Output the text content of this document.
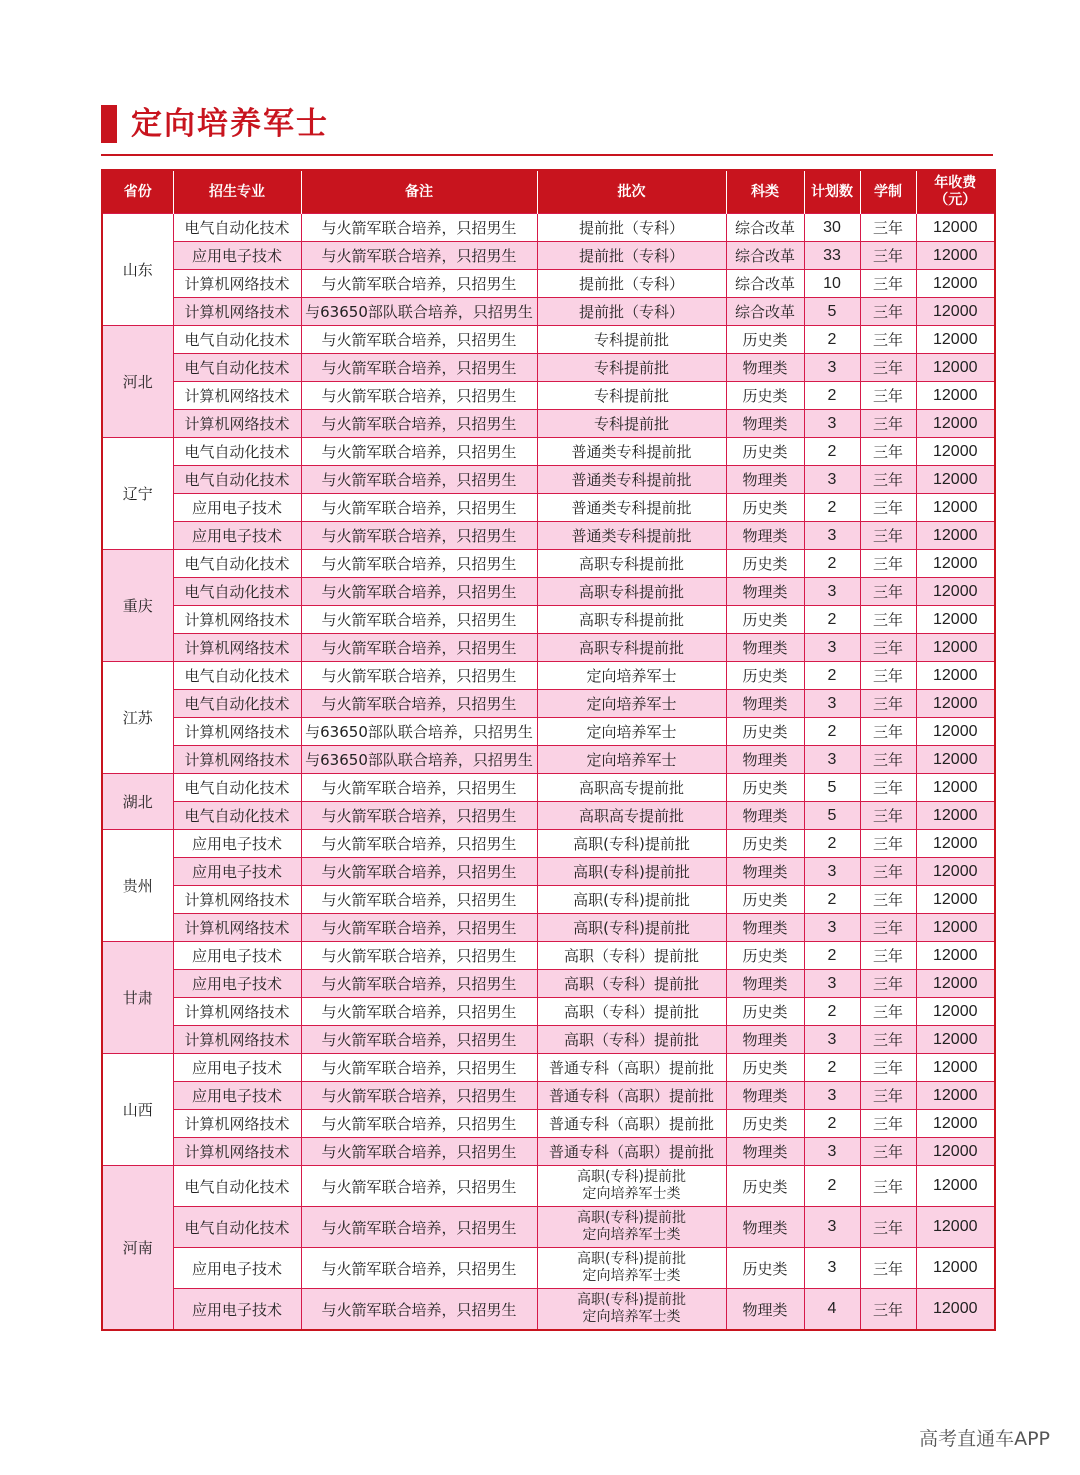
定向培养军士
省份	招生专业	备注	批次	科类	计划数	学制	年收费
（元）
山东	电气自动化技术	与火箭军联合培养，只招男生	提前批（专科）	综合改革	30	三年	12000
	应用电子技术	与火箭军联合培养，只招男生	提前批（专科）	综合改革	33	三年	12000
	计算机网络技术	与火箭军联合培养，只招男生	提前批（专科）	综合改革	10	三年	12000
	计算机网络技术	与63650部队联合培养，只招男生	提前批（专科）	综合改革	5	三年	12000
河北	电气自动化技术	与火箭军联合培养，只招男生	专科提前批	历史类	2	三年	12000
	电气自动化技术	与火箭军联合培养，只招男生	专科提前批	物理类	3	三年	12000
	计算机网络技术	与火箭军联合培养，只招男生	专科提前批	历史类	2	三年	12000
	计算机网络技术	与火箭军联合培养，只招男生	专科提前批	物理类	3	三年	12000
辽宁	电气自动化技术	与火箭军联合培养，只招男生	普通类专科提前批	历史类	2	三年	12000
	电气自动化技术	与火箭军联合培养，只招男生	普通类专科提前批	物理类	3	三年	12000
	应用电子技术	与火箭军联合培养，只招男生	普通类专科提前批	历史类	2	三年	12000
	应用电子技术	与火箭军联合培养，只招男生	普通类专科提前批	物理类	3	三年	12000
重庆	电气自动化技术	与火箭军联合培养，只招男生	高职专科提前批	历史类	2	三年	12000
	电气自动化技术	与火箭军联合培养，只招男生	高职专科提前批	物理类	3	三年	12000
	计算机网络技术	与火箭军联合培养，只招男生	高职专科提前批	历史类	2	三年	12000
	计算机网络技术	与火箭军联合培养，只招男生	高职专科提前批	物理类	3	三年	12000
江苏	电气自动化技术	与火箭军联合培养，只招男生	定向培养军士	历史类	2	三年	12000
	电气自动化技术	与火箭军联合培养，只招男生	定向培养军士	物理类	3	三年	12000
	计算机网络技术	与63650部队联合培养，只招男生	定向培养军士	历史类	2	三年	12000
	计算机网络技术	与63650部队联合培养，只招男生	定向培养军士	物理类	3	三年	12000
湖北	电气自动化技术	与火箭军联合培养，只招男生	高职高专提前批	历史类	5	三年	12000
	电气自动化技术	与火箭军联合培养，只招男生	高职高专提前批	物理类	5	三年	12000
贵州	应用电子技术	与火箭军联合培养，只招男生	高职(专科)提前批	历史类	2	三年	12000
	应用电子技术	与火箭军联合培养，只招男生	高职(专科)提前批	物理类	3	三年	12000
	计算机网络技术	与火箭军联合培养，只招男生	高职(专科)提前批	历史类	2	三年	12000
	计算机网络技术	与火箭军联合培养，只招男生	高职(专科)提前批	物理类	3	三年	12000
甘肃	应用电子技术	与火箭军联合培养，只招男生	高职（专科）提前批	历史类	2	三年	12000
	应用电子技术	与火箭军联合培养，只招男生	高职（专科）提前批	物理类	3	三年	12000
	计算机网络技术	与火箭军联合培养，只招男生	高职（专科）提前批	历史类	2	三年	12000
	计算机网络技术	与火箭军联合培养，只招男生	高职（专科）提前批	物理类	3	三年	12000
山西	应用电子技术	与火箭军联合培养，只招男生	普通专科（高职）提前批	历史类	2	三年	12000
	应用电子技术	与火箭军联合培养，只招男生	普通专科（高职）提前批	物理类	3	三年	12000
	计算机网络技术	与火箭军联合培养，只招男生	普通专科（高职）提前批	历史类	2	三年	12000
	计算机网络技术	与火箭军联合培养，只招男生	普通专科（高职）提前批	物理类	3	三年	12000
河南	电气自动化技术	与火箭军联合培养，只招男生	高职(专科)提前批
定向培养军士类	历史类	2	三年	12000
	电气自动化技术	与火箭军联合培养，只招男生	高职(专科)提前批
定向培养军士类	物理类	3	三年	12000
	应用电子技术	与火箭军联合培养，只招男生	高职(专科)提前批
定向培养军士类	历史类	3	三年	12000
	应用电子技术	与火箭军联合培养，只招男生	高职(专科)提前批
定向培养军士类	物理类	4	三年	12000
高考直通车APP
